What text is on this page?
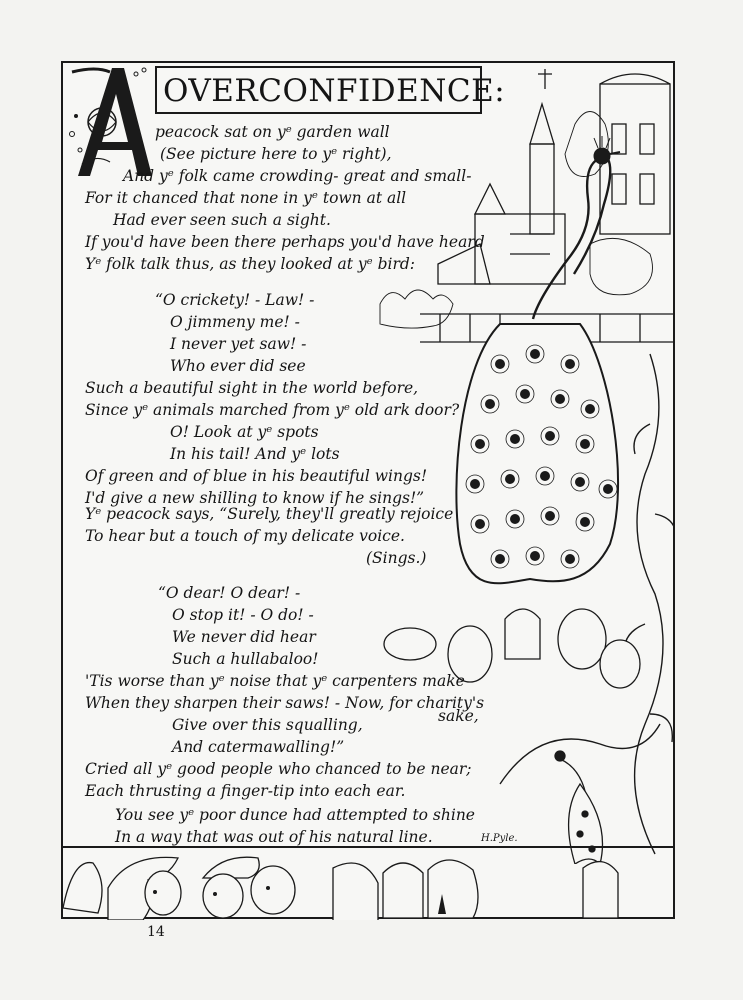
OVERCONFIDENCE:
peacock sat on yᵉ garden wall
(See picture here to yᵉ right),
And yᵉ folk came crowding- great and small-
For it chanced that none in yᵉ town at all
Had ever seen such a sight.
If you'd have been there perhaps you'd have heard
Yᵉ folk talk thus, as they looked at yᵉ bird:
“O crickety! - Law! -
O jimmeny me! -
I never yet saw! -
Who ever did see
Such a beautiful sight in the world before,
Since yᵉ animals marched from yᵉ old ark door?
O! Look at yᵉ spots
In his tail! And yᵉ lots
Of green and of blue in his beautiful wings!
I'd give a new shilling to know if he sings!”
Yᵉ peacock says, “Surely, they'll greatly rejoice
To hear but a touch of my delicate voice.
(Sings.)
“O dear! O dear! -
O stop it! - O do! -
We never did hear
Such a hullabaloo!
'Tis worse than yᵉ noise that yᵉ carpenters make
When they sharpen their saws! - Now, for charity's
sake,
Give over this squalling,
And catermawalling!”
Cried all yᵉ good people who chanced to be near;
Each thrusting a finger-tip into each ear.
You see yᵉ poor dunce had attempted to shine
In a way that was out of his natural line.	H.Pyle.
14
